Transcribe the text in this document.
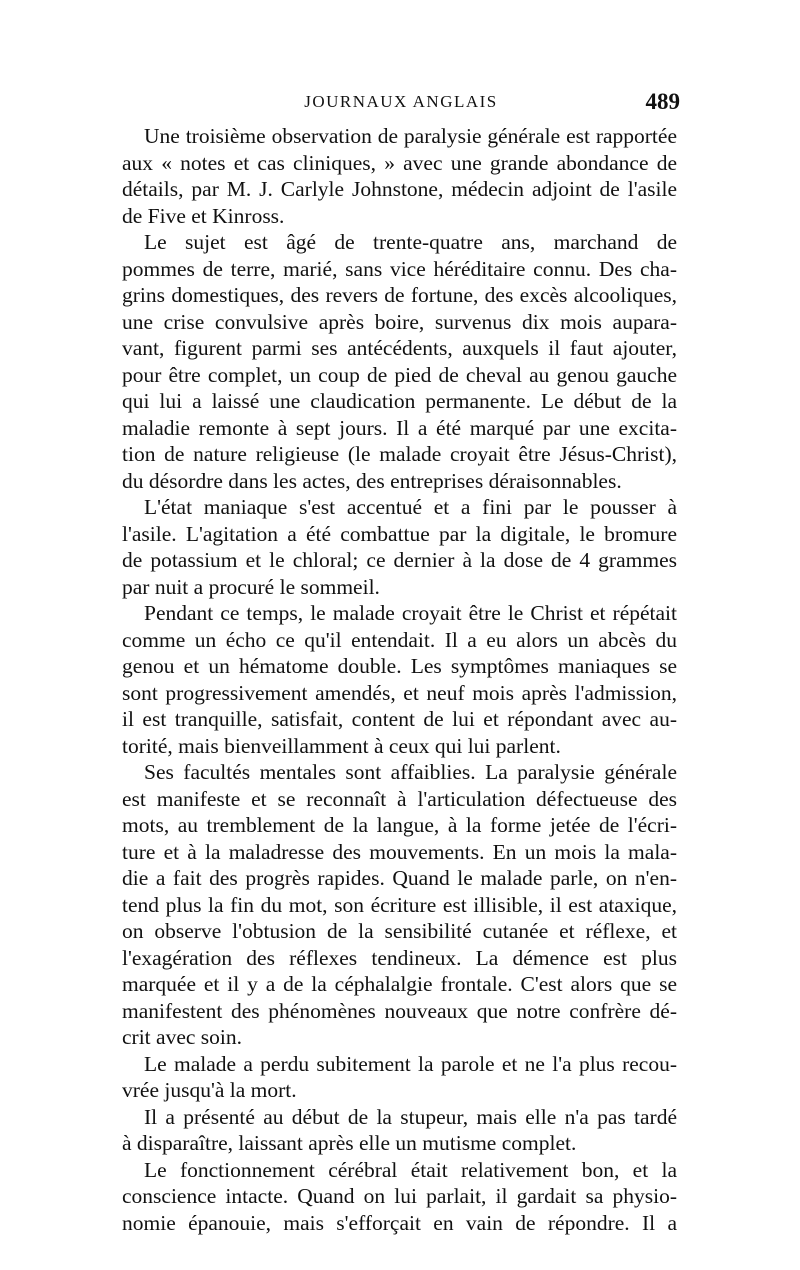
JOURNAUX ANGLAIS	489
Une troisième observation de paralysie générale est rapportée
aux « notes et cas cliniques, » avec une grande abondance de
détails, par M. J. Carlyle Johnstone, médecin adjoint de l'asile
de Five et Kinross.
Le sujet est âgé de trente-quatre ans, marchand de
pommes de terre, marié, sans vice héréditaire connu. Des cha-
grins domestiques, des revers de fortune, des excès alcooliques,
une crise convulsive après boire, survenus dix mois aupara-
vant, figurent parmi ses antécédents, auxquels il faut ajouter,
pour être complet, un coup de pied de cheval au genou gauche
qui lui a laissé une claudication permanente. Le début de la
maladie remonte à sept jours. Il a été marqué par une excita-
tion de nature religieuse (le malade croyait être Jésus-Christ),
du désordre dans les actes, des entreprises déraisonnables.
L'état maniaque s'est accentué et a fini par le pousser à
l'asile. L'agitation a été combattue par la digitale, le bromure
de potassium et le chloral; ce dernier à la dose de 4 grammes
par nuit a procuré le sommeil.
Pendant ce temps, le malade croyait être le Christ et répétait
comme un écho ce qu'il entendait. Il a eu alors un abcès du
genou et un hématome double. Les symptômes maniaques se
sont progressivement amendés, et neuf mois après l'admission,
il est tranquille, satisfait, content de lui et répondant avec au-
torité, mais bienveillamment à ceux qui lui parlent.
Ses facultés mentales sont affaiblies. La paralysie générale
est manifeste et se reconnaît à l'articulation défectueuse des
mots, au tremblement de la langue, à la forme jetée de l'écri-
ture et à la maladresse des mouvements. En un mois la mala-
die a fait des progrès rapides. Quand le malade parle, on n'en-
tend plus la fin du mot, son écriture est illisible, il est ataxique,
on observe l'obtusion de la sensibilité cutanée et réflexe, et
l'exagération des réflexes tendineux. La démence est plus
marquée et il y a de la céphalalgie frontale. C'est alors que se
manifestent des phénomènes nouveaux que notre confrère dé-
crit avec soin.
Le malade a perdu subitement la parole et ne l'a plus recou-
vrée jusqu'à la mort.
Il a présenté au début de la stupeur, mais elle n'a pas tardé
à disparaître, laissant après elle un mutisme complet.
Le fonctionnement cérébral était relativement bon, et la
conscience intacte. Quand on lui parlait, il gardait sa physio-
nomie épanouie, mais s'efforçait en vain de répondre. Il a
